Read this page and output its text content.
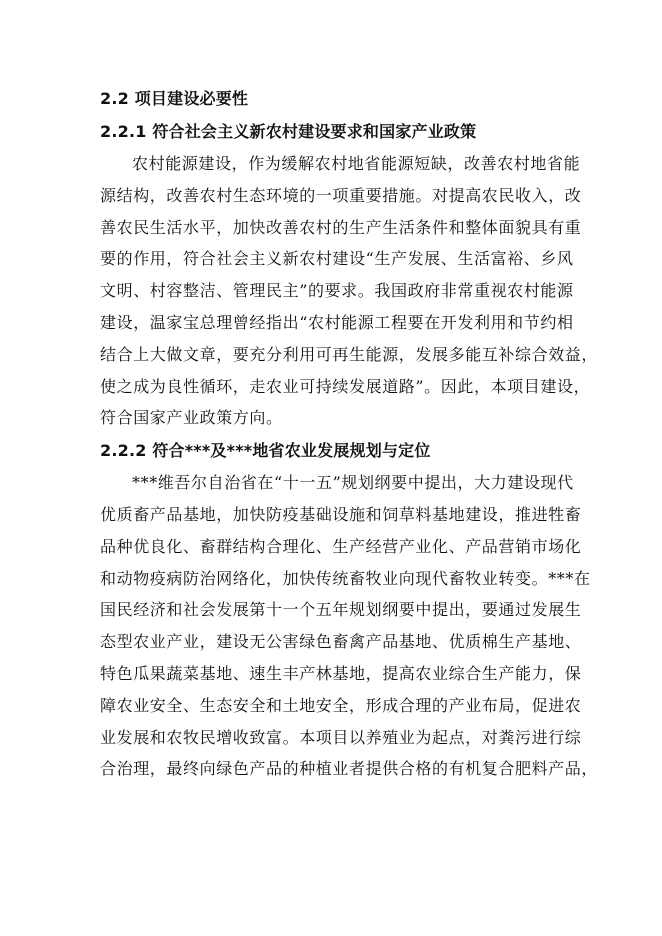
2.2 项目建设必要性
2.2.1 符合社会主义新农村建设要求和国家产业政策
农村能源建设，作为缓解农村地省能源短缺，改善农村地省能
源结构，改善农村生态环境的一项重要措施。对提高农民收入，改
善农民生活水平，加快改善农村的生产生活条件和整体面貌具有重
要的作用，符合社会主义新农村建设“生产发展、生活富裕、乡风
文明、村容整洁、管理民主”的要求。我国政府非常重视农村能源
建设，温家宝总理曾经指出“农村能源工程要在开发利用和节约相
结合上大做文章，要充分利用可再生能源，发展多能互补综合效益，
使之成为良性循环，走农业可持续发展道路”。因此，本项目建设，
符合国家产业政策方向。
2.2.2 符合***及***地省农业发展规划与定位
***维吾尔自治省在“十一五”规划纲要中提出，大力建设现代
优质畜产品基地，加快防疫基础设施和饲草料基地建设，推进牲畜
品种优良化、畜群结构合理化、生产经营产业化、产品营销市场化
和动物疫病防治网络化，加快传统畜牧业向现代畜牧业转变。***在
国民经济和社会发展第十一个五年规划纲要中提出，要通过发展生
态型农业产业，建设无公害绿色畜禽产品基地、优质棉生产基地、
特色瓜果蔬菜基地、速生丰产林基地，提高农业综合生产能力，保
障农业安全、生态安全和土地安全，形成合理的产业布局，促进农
业发展和农牧民增收致富。本项目以养殖业为起点，对粪污进行综
合治理，最终向绿色产品的种植业者提供合格的有机复合肥料产品，
